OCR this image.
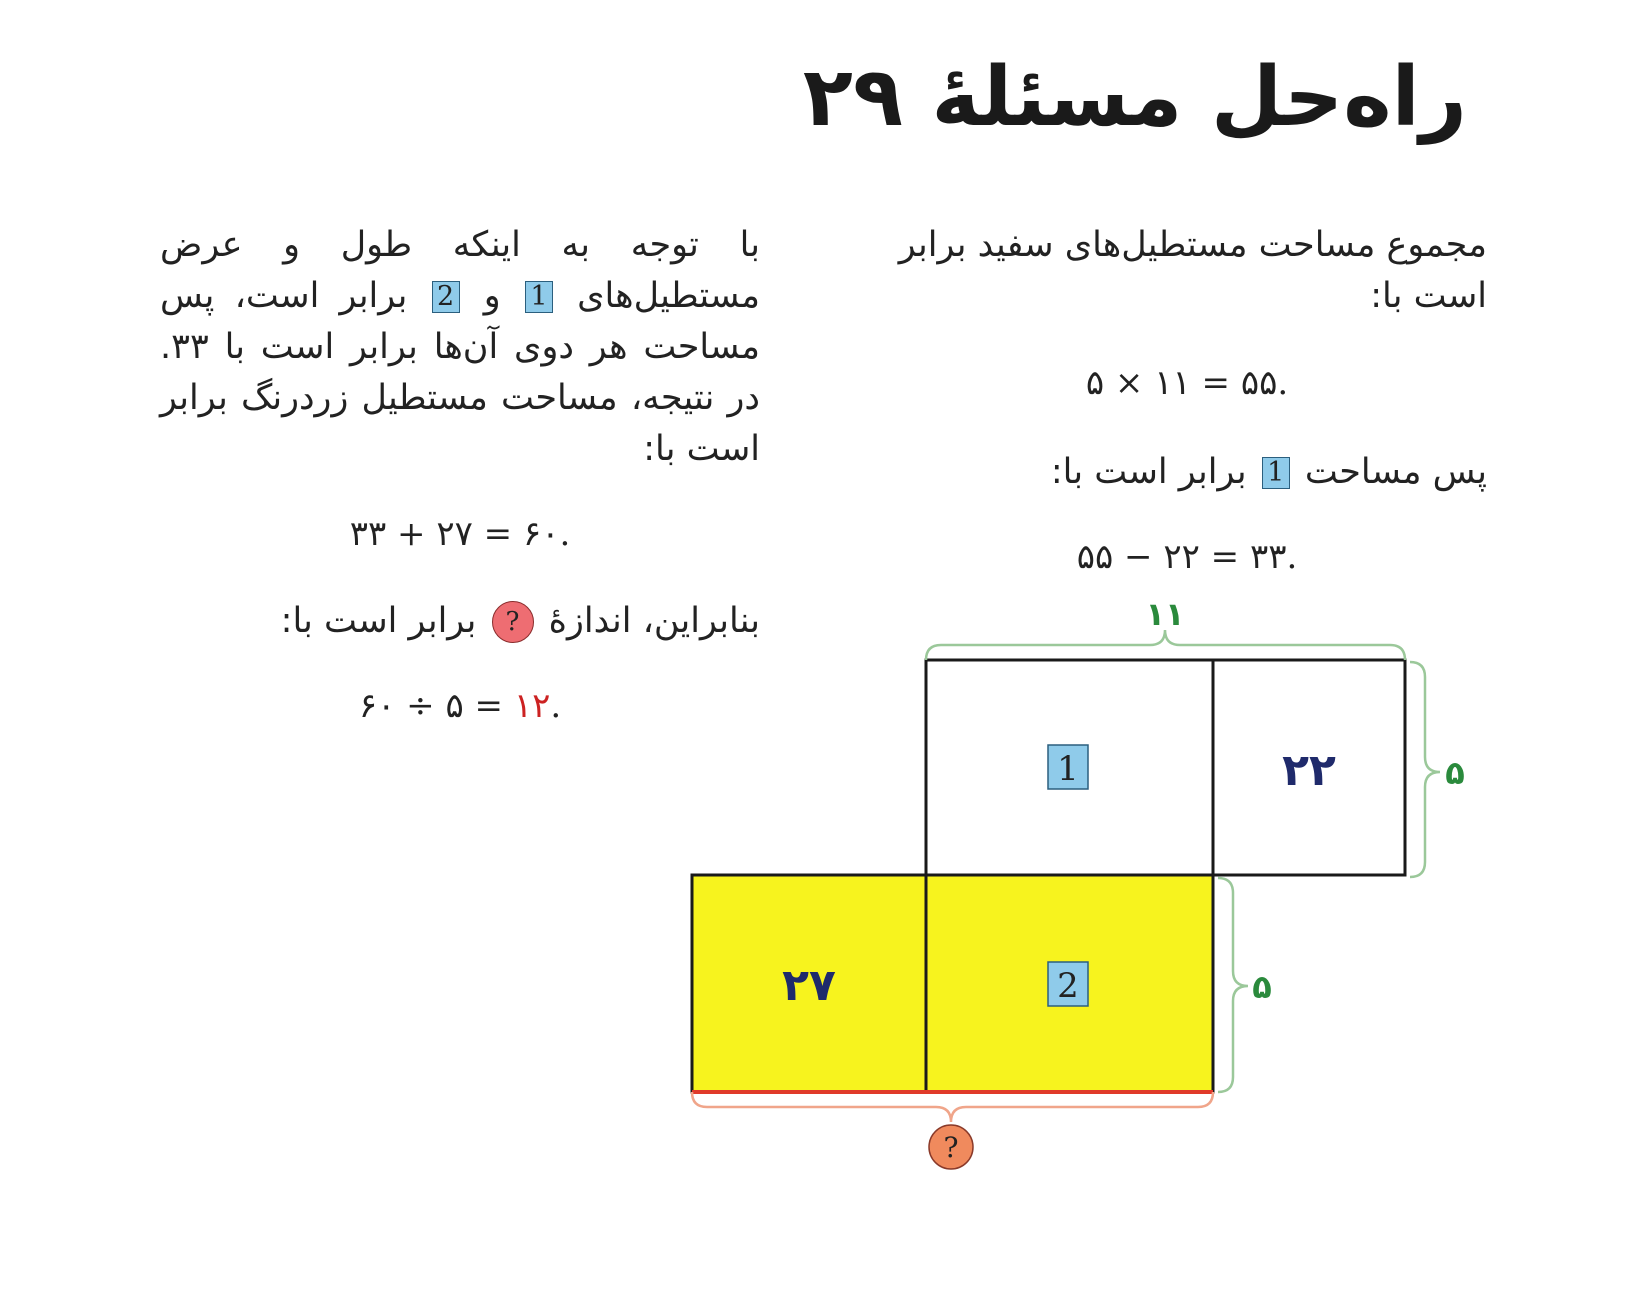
راه‌حل مسئلهٔ ۲۹

مجموع مساحت مستطیل‌های سفید برابر است با:

۵ × ۱۱ = ۵۵.

پس مساحت 1 برابر است با:

۵۵ − ۲۲ = ۳۳.

با توجه به اینکه طول و عرض مستطیل‌های 1 و 2 برابر است، پس مساحت هر دوی آن‌ها برابر است با ۳۳. در نتیجه، مساحت مستطیل زردرنگ برابر است با:

۳۳ + ۲۷ = ۶۰.

بنابراین، اندازهٔ ? برابر است با:

۶۰ ÷ ۵ = ۱۲.

۱۱
۵
۵
?
1
2
۲۲
۲۷
